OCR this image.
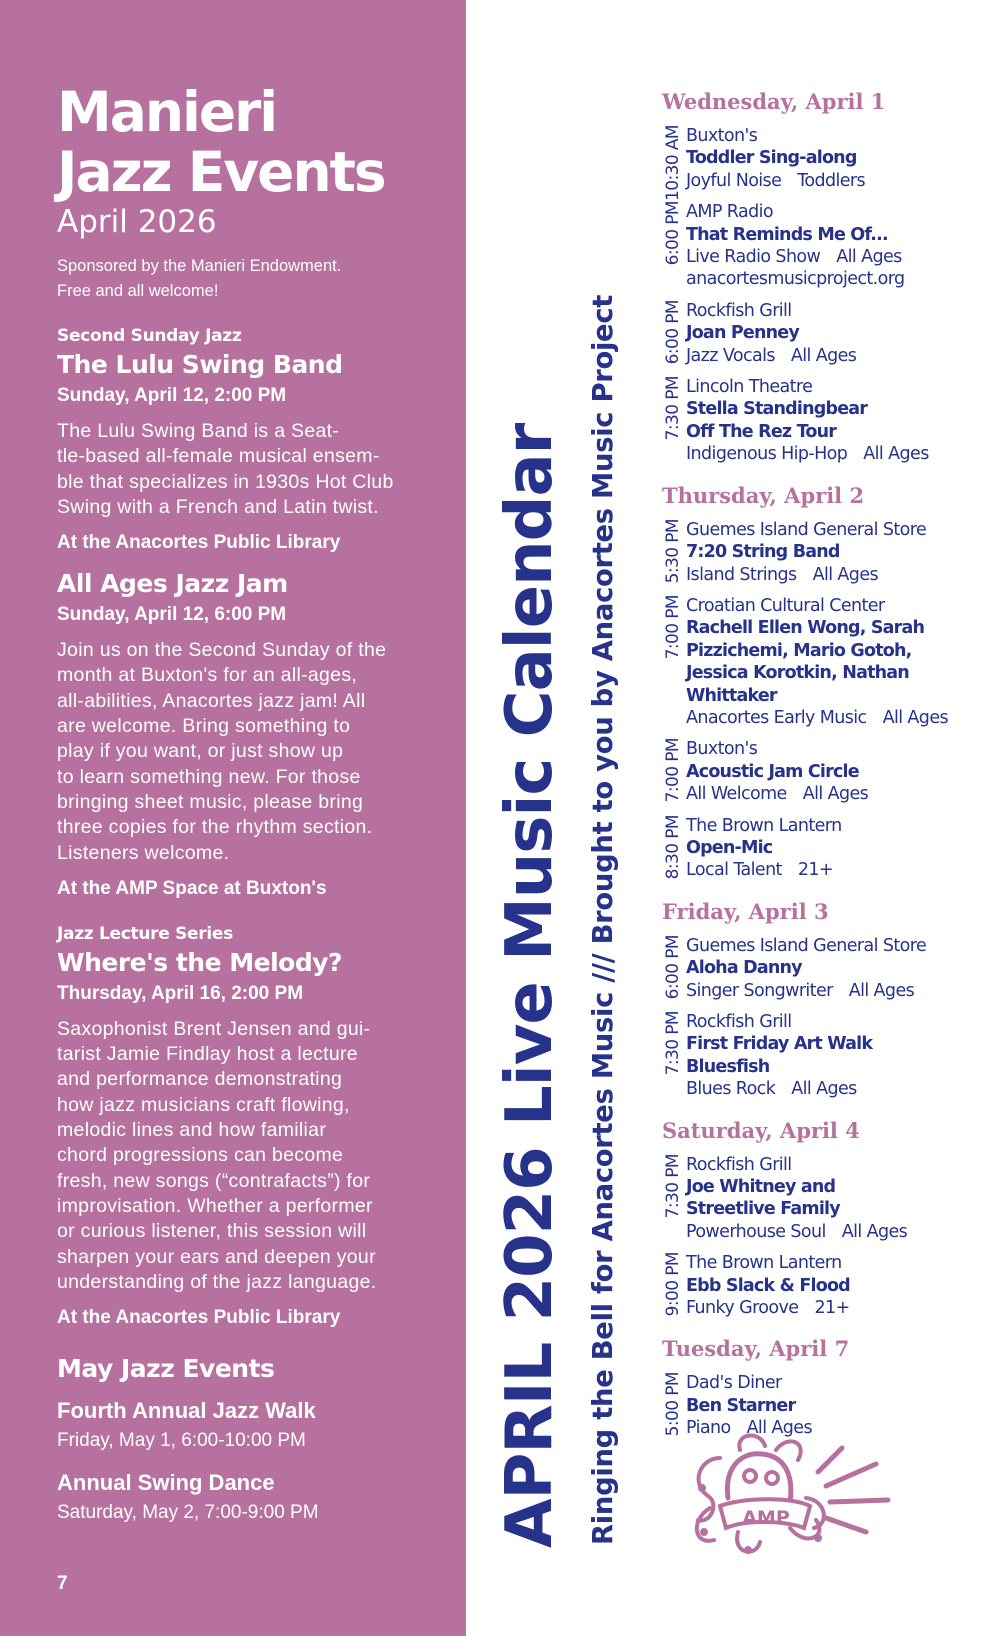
Manieri
Jazz Events
April 2026
Sponsored by the Manieri Endowment.
Free and all welcome!
Second Sunday Jazz
The Lulu Swing Band
Sunday, April 12, 2:00 PM
The Lulu Swing Band is a Seat-
tle-based all-female musical ensem-
ble that specializes in 1930s Hot Club
Swing with a French and Latin twist.
At the Anacortes Public Library
All Ages Jazz Jam
Sunday, April 12, 6:00 PM
Join us on the Second Sunday of the
month at Buxton's for an all-ages,
all-abilities, Anacortes jazz jam! All
are welcome. Bring something to
play if you want, or just show up
to learn something new. For those
bringing sheet music, please bring
three copies for the rhythm section.
Listeners welcome.
At the AMP Space at Buxton's
Jazz Lecture Series
Where's the Melody?
Thursday, April 16, 2:00 PM
Saxophonist Brent Jensen and gui-
tarist Jamie Findlay host a lecture
and performance demonstrating
how jazz musicians craft flowing,
melodic lines and how familiar
chord progressions can become
fresh, new songs (“contrafacts”) for
improvisation. Whether a performer
or curious listener, this session will
sharpen your ears and deepen your
understanding of the jazz language.
At the Anacortes Public Library
May Jazz Events
Fourth Annual Jazz Walk
Friday, May 1, 6:00-10:00 PM
Annual Swing Dance
Saturday, May 2, 7:00-9:00 PM
7
APRIL 2026 Live Music Calendar Ringing the Bell for Anacortes Music /// Brought to you by Anacortes Music Project
Wednesday, April 1
10:30 AM Buxton's
Toddler Sing-along
Joyful Noise Toddlers
6:00 PM AMP Radio
That Reminds Me Of...
Live Radio Show All Ages
anacortesmusicproject.org
6:00 PM Rockfish Grill
Joan Penney
Jazz Vocals All Ages
7:30 PM Lincoln Theatre
Stella Standingbear
Off The Rez Tour
Indigenous Hip-Hop All Ages
Thursday, April 2
5:30 PM Guemes Island General Store
7:20 String Band
Island Strings All Ages
7:00 PM Croatian Cultural Center
Rachell Ellen Wong, Sarah
Pizzichemi, Mario Gotoh,
Jessica Korotkin, Nathan
Whittaker
Anacortes Early Music All Ages
7:00 PM Buxton's
Acoustic Jam Circle
All Welcome All Ages
8:30 PM The Brown Lantern
Open-Mic
Local Talent 21+
Friday, April 3
6:00 PM Guemes Island General Store
Aloha Danny
Singer Songwriter All Ages
7:30 PM Rockfish Grill
First Friday Art Walk
Bluesfish
Blues Rock All Ages
Saturday, April 4
7:30 PM Rockfish Grill
Joe Whitney and
Streetlive Family
Powerhouse Soul All Ages
9:00 PM The Brown Lantern
Ebb Slack & Flood
Funky Groove 21+
Tuesday, April 7
5:00 PM Dad's Diner
Ben Starner
Piano All Ages
AMP
